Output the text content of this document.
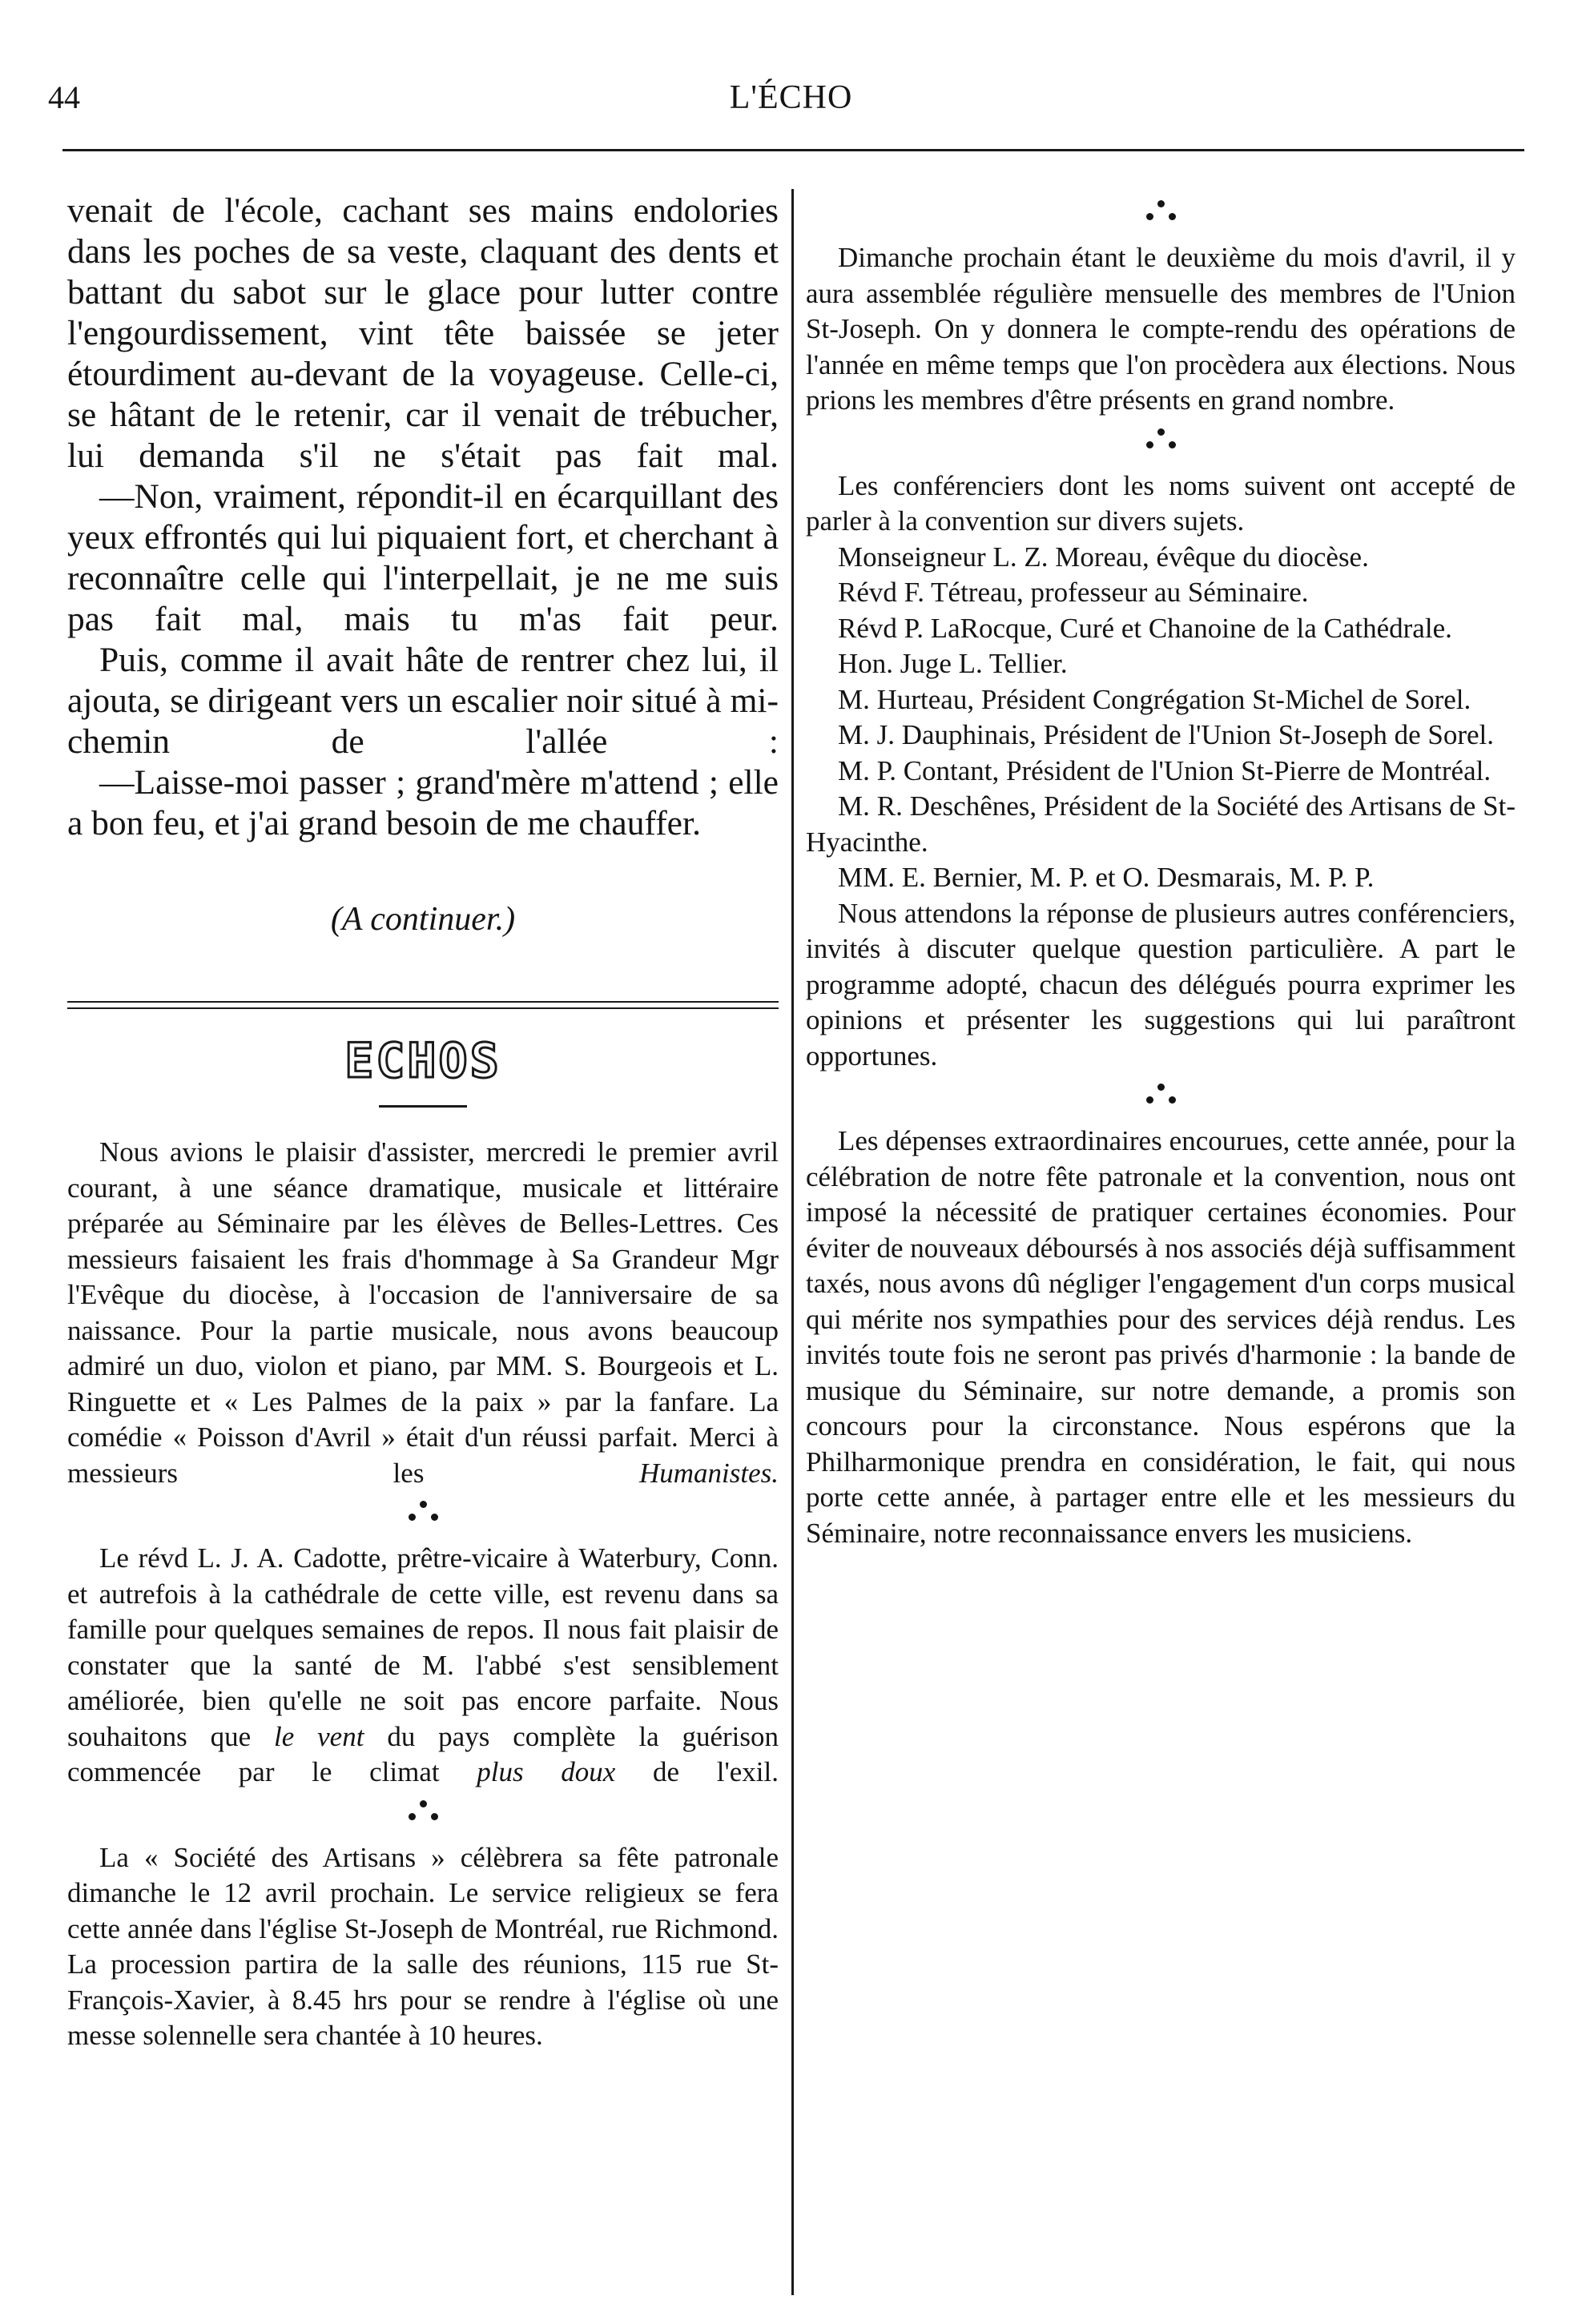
44	L'ÉCHO

venait de l'école, cachant ses mains endolories dans les poches de sa veste, claquant des dents et battant du sabot sur le glace pour lutter contre l'engourdissement, vint tête baissée se jeter étourdiment au-devant de la voyageuse. Celle-ci, se hâtant de le retenir, car il venait de trébucher, lui demanda s'il ne s'était pas fait mal.

—Non, vraiment, répondit-il en écarquillant des yeux effrontés qui lui piquaient fort, et cherchant à reconnaître celle qui l'interpellait, je ne me suis pas fait mal, mais tu m'as fait peur.

Puis, comme il avait hâte de rentrer chez lui, il ajouta, se dirigeant vers un escalier noir situé à mi-chemin de l'allée :

—Laisse-moi passer ; grand'mère m'attend ; elle a bon feu, et j'ai grand besoin de me chauffer.

(A continuer.)
ECHOS

Nous avions le plaisir d'assister, mercredi le premier avril courant, à une séance dramatique, musicale et littéraire préparée au Séminaire par les élèves de Belles-Lettres. Ces messieurs faisaient les frais d'hommage à Sa Grandeur Mgr l'Evêque du diocèse, à l'occasion de l'anniversaire de sa naissance. Pour la partie musicale, nous avons beaucoup admiré un duo, violon et piano, par MM. S. Bourgeois et L. Ringuette et « Les Palmes de la paix » par la fanfare. La comédie « Poisson d'Avril » était d'un réussi parfait. Merci à messieurs les	Humanistes.

Le révd L. J. A. Cadotte, prêtre-vicaire à Waterbury, Conn. et autrefois à la cathédrale de cette ville, est revenu dans sa famille pour quelques semaines de repos. Il nous fait plaisir de constater que la santé de M. l'abbé s'est sensiblement améliorée, bien qu'elle ne soit pas encore parfaite. Nous souhaitons que le vent du pays complète la guérison commencée par le climat plus doux de l'exil.

La « Société des Artisans » célèbrera sa fête patronale dimanche le 12 avril prochain. Le service religieux se fera cette année dans l'église St-Joseph de Montréal, rue Richmond. La procession partira de la salle des réunions, 115 rue St-François-Xavier, à 8.45 hrs pour se rendre à l'église où une messe solennelle sera chantée à 10 heures.

Dimanche prochain étant le deuxième du mois d'avril, il y aura assemblée régulière mensuelle des membres de l'Union St-Joseph. On y donnera le compte-rendu des opérations de l'année en même temps que l'on procèdera aux élections. Nous prions les membres d'être présents en grand nombre.

Les conférenciers dont les noms suivent ont accepté de parler à la convention sur divers sujets.

Monseigneur L. Z. Moreau, évêque du diocèse.

Révd F. Tétreau, professeur au Séminaire.

Révd P. LaRocque, Curé et Chanoine de la Cathédrale.

Hon. Juge L. Tellier.

M. Hurteau, Président Congrégation St-Michel de Sorel.

M. J. Dauphinais, Président de l'Union St-Joseph de Sorel.

M. P. Contant, Président de l'Union St-Pierre de Montréal.

M. R. Deschênes, Président de la Société des Artisans de St-Hyacinthe.

MM. E. Bernier, M. P. et O. Desmarais, M. P. P.

Nous attendons la réponse de plusieurs autres conférenciers, invités à discuter quelque question particulière. A part le programme adopté, chacun des délégués pourra exprimer les opinions et présenter les suggestions qui lui paraîtront opportunes.

Les dépenses extraordinaires encourues, cette année, pour la célébration de notre fête patronale et la convention, nous ont imposé la nécessité de pratiquer certaines économies. Pour éviter de nouveaux déboursés à nos associés déjà suffisamment taxés, nous avons dû négliger l'engagement d'un corps musical qui mérite nos sympathies pour des services déjà rendus. Les invités toute fois ne seront pas privés d'harmonie : la bande de musique du Séminaire, sur notre demande, a promis son concours pour la circonstance. Nous espérons que la Philharmonique prendra en considération, le fait, qui nous porte cette année, à partager entre elle et les messieurs du Séminaire, notre reconnaissance envers les musiciens.
